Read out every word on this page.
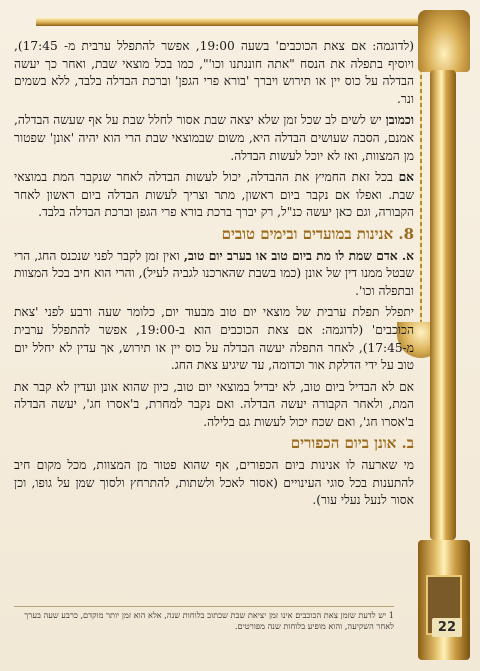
22

(לדוגמה: אם צאת הכוכבים' בשעה 19:00, אפשר להתפלל ערבית מ- 17:45), ויוסיף בתפלה את הנסח "אתה חוננתנו וכו'", כמו בכל מוצאי שבת, ואחר כך יעשה הבדלה על כוס יין או תירוש ויברך 'בורא פרי הגפן' וברכת הבדלה בלבד, ללא בשמים ונר.

וכמובן יש לשים לב שכל זמן שלא יצאה שבת אסור לחלל שבת על אף שעשה הבדלה, אמנם, הסבה שעושים הבדלה היא, משום שבמוצאי שבת הרי הוא יהיה 'אונן' שפטור מן המצוות, ואז לא יוכל לעשות הבדלה.

אם בכל זאת החמיץ את ההבדלה, יכול לעשות הבדלה לאחר שנקבר המת במוצאי שבת. ואפלו אם נקבר ביום ראשון, מתר וצריך לעשות הבדלה ביום ראשון לאחר הקבורה, וגם כאן יעשה כנ"ל, רק יברך ברכת בורא פרי הגפן וברכת הבדלה בלבד.

8. אנינות במועדים ובימים טובים

א. אדם שמת לו מת ביום טוב או בערב יום טוב, ואין זמן לקבר לפני שנכנס החג, הרי שבטל ממנו דין של אונן (כמו בשבת שהארכנו לגביה לעיל), והרי הוא חיב בכל המצוות ובתפלה וכו'.

יתפלל תפלת ערבית של מוצאי יום טוב מבעוד יום, כלומר שעה ורבע לפני 'צאת הכוכבים' (לדוגמה: אם צאת הכוכבים הוא ב-19:00, אפשר להתפלל ערבית מ-17:45), לאחר התפלה יעשה הבדלה על כוס יין או תירוש, אך עדין לא יחלל יום טוב על ידי הדלקת אור וכדומה, עד שיגיע צאת החג.

אם לא הבדיל ביום טוב, לא יבדיל במוצאי יום טוב, כיון שהוא אונן ועדין לא קבר את המת, ולאחר הקבורה יעשה הבדלה. ואם נקבר למחרת, ב'אסרו חג', יעשה הבדלה ב'אסרו חג', ואם שכח יכול לעשות גם בלילה.

ב. אונן ביום הכפורים

מי שארעה לו אנינות ביום הכפורים, אף שהוא פטור מן המצוות, מכל מקום חיב להתענות בכל סוגי העינויים (אסור לאכל ולשתות, להתרחץ ולסוך שמן על גופו, וכן אסור לנעל נעלי עור).

1 יש לדעת שזמן צאת הכוכבים אינו זמן יציאת שבת שכתוב בלוחות שנה, אלא הוא זמן יותר מוקדם, כרבע שעה בערך לאחר השקיעה, והוא מופיע בלוחות שנה מפורטים.
